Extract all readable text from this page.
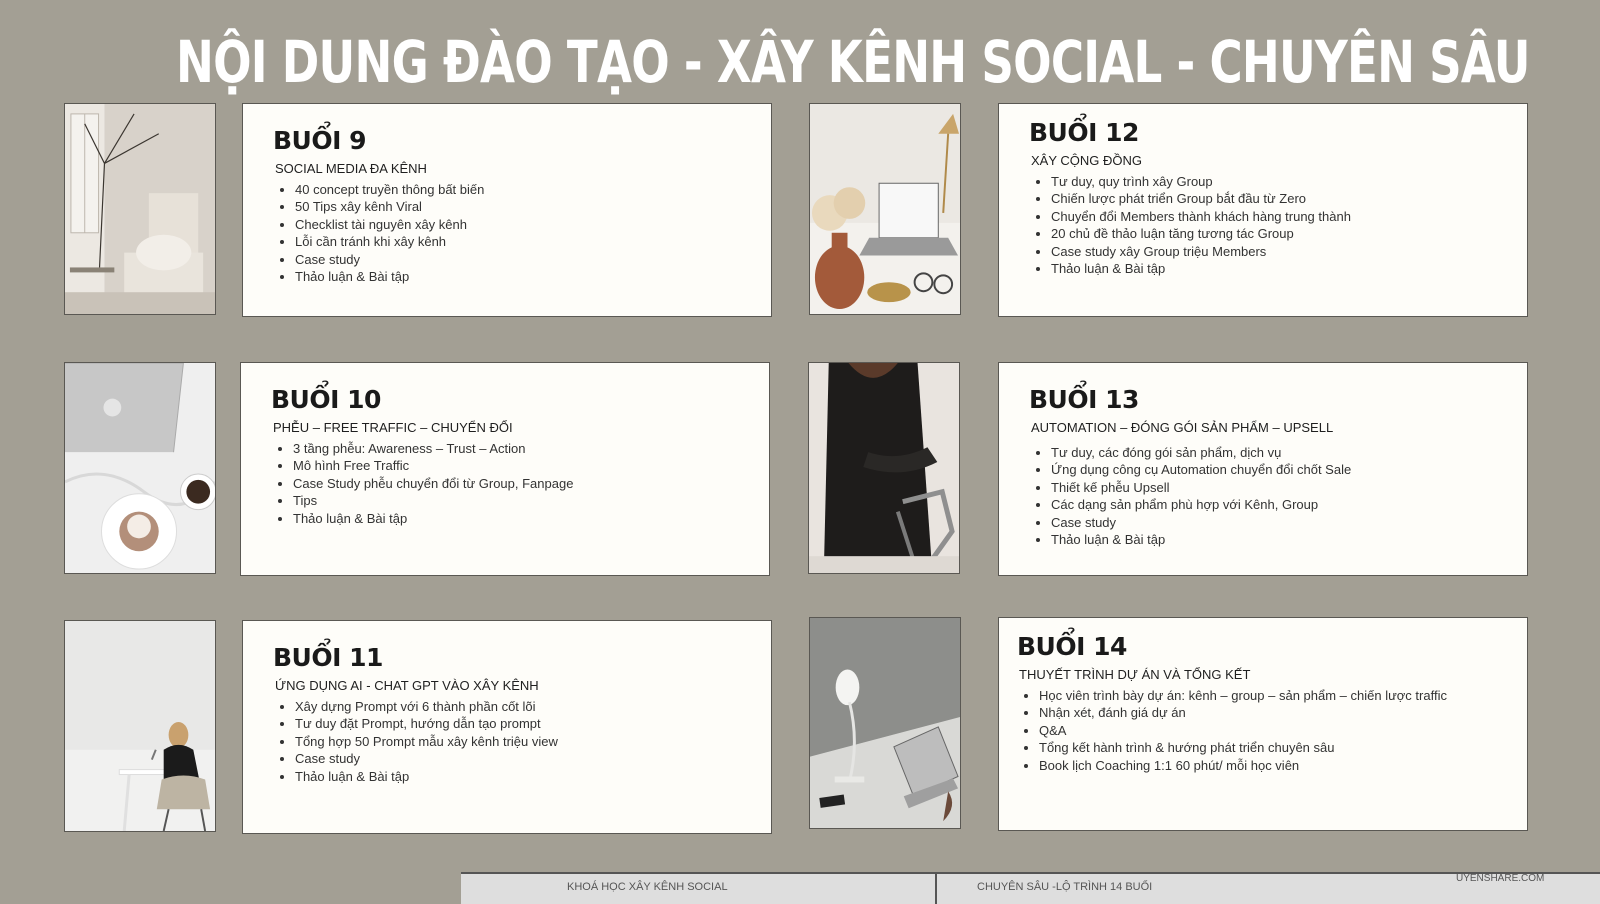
NỘI DUNG ĐÀO TẠO - XÂY KÊNH SOCIAL - CHUYÊN SÂU
BUỔI 9
SOCIAL MEDIA ĐA KÊNH
• 40 concept truyền thông bất biến
• 50 Tips xây kênh Viral
• Checklist tài nguyên xây kênh
• Lỗi cần tránh khi xây kênh
• Case study
• Thảo luận & Bài tập
BUỔI 12
XÂY CỘNG ĐỒNG
• Tư duy, quy trình xây Group
• Chiến lược phát triển Group bắt đầu từ Zero
• Chuyển đổi Members thành khách hàng trung thành
• 20 chủ đề thảo luận tăng tương tác Group
• Case study xây Group triệu Members
• Thảo luận & Bài tập
BUỔI 10
PHỄU – FREE TRAFFIC – CHUYỂN ĐỔI
• 3 tầng phễu: Awareness – Trust – Action
• Mô hình Free Traffic
• Case Study phễu chuyển đổi từ Group, Fanpage
• Tips
• Thảo luận & Bài tập
BUỔI 13
AUTOMATION – ĐÓNG GÓI SẢN PHẨM – UPSELL
• Tư duy, các đóng gói sản phẩm, dịch vụ
• Ứng dụng công cụ Automation chuyển đổi chốt Sale
• Thiết kế phễu Upsell
• Các dạng sản phẩm phù hợp với Kênh, Group
• Case study
• Thảo luận & Bài tập
BUỔI 11
ỨNG DỤNG AI - CHAT GPT VÀO XÂY KÊNH
• Xây dựng Prompt với 6 thành phần cốt lõi
• Tư duy đặt Prompt, hướng dẫn tạo prompt
• Tổng hợp 50 Prompt mẫu xây kênh triệu view
• Case study
• Thảo luận & Bài tập
BUỔI 14
THUYẾT TRÌNH DỰ ÁN VÀ TỔNG KẾT
• Học viên trình bày dự án: kênh – group – sản phẩm – chiến lược traffic
• Nhận xét, đánh giá dự án
• Q&A
• Tổng kết hành trình & hướng phát triển chuyên sâu
• Book lịch Coaching 1:1 60 phút/ mỗi học viên
KHOÁ HỌC XÂY KÊNH SOCIAL	CHUYÊN SÂU -LỘ TRÌNH 14 BUỔI
UYENSHARE.COM
